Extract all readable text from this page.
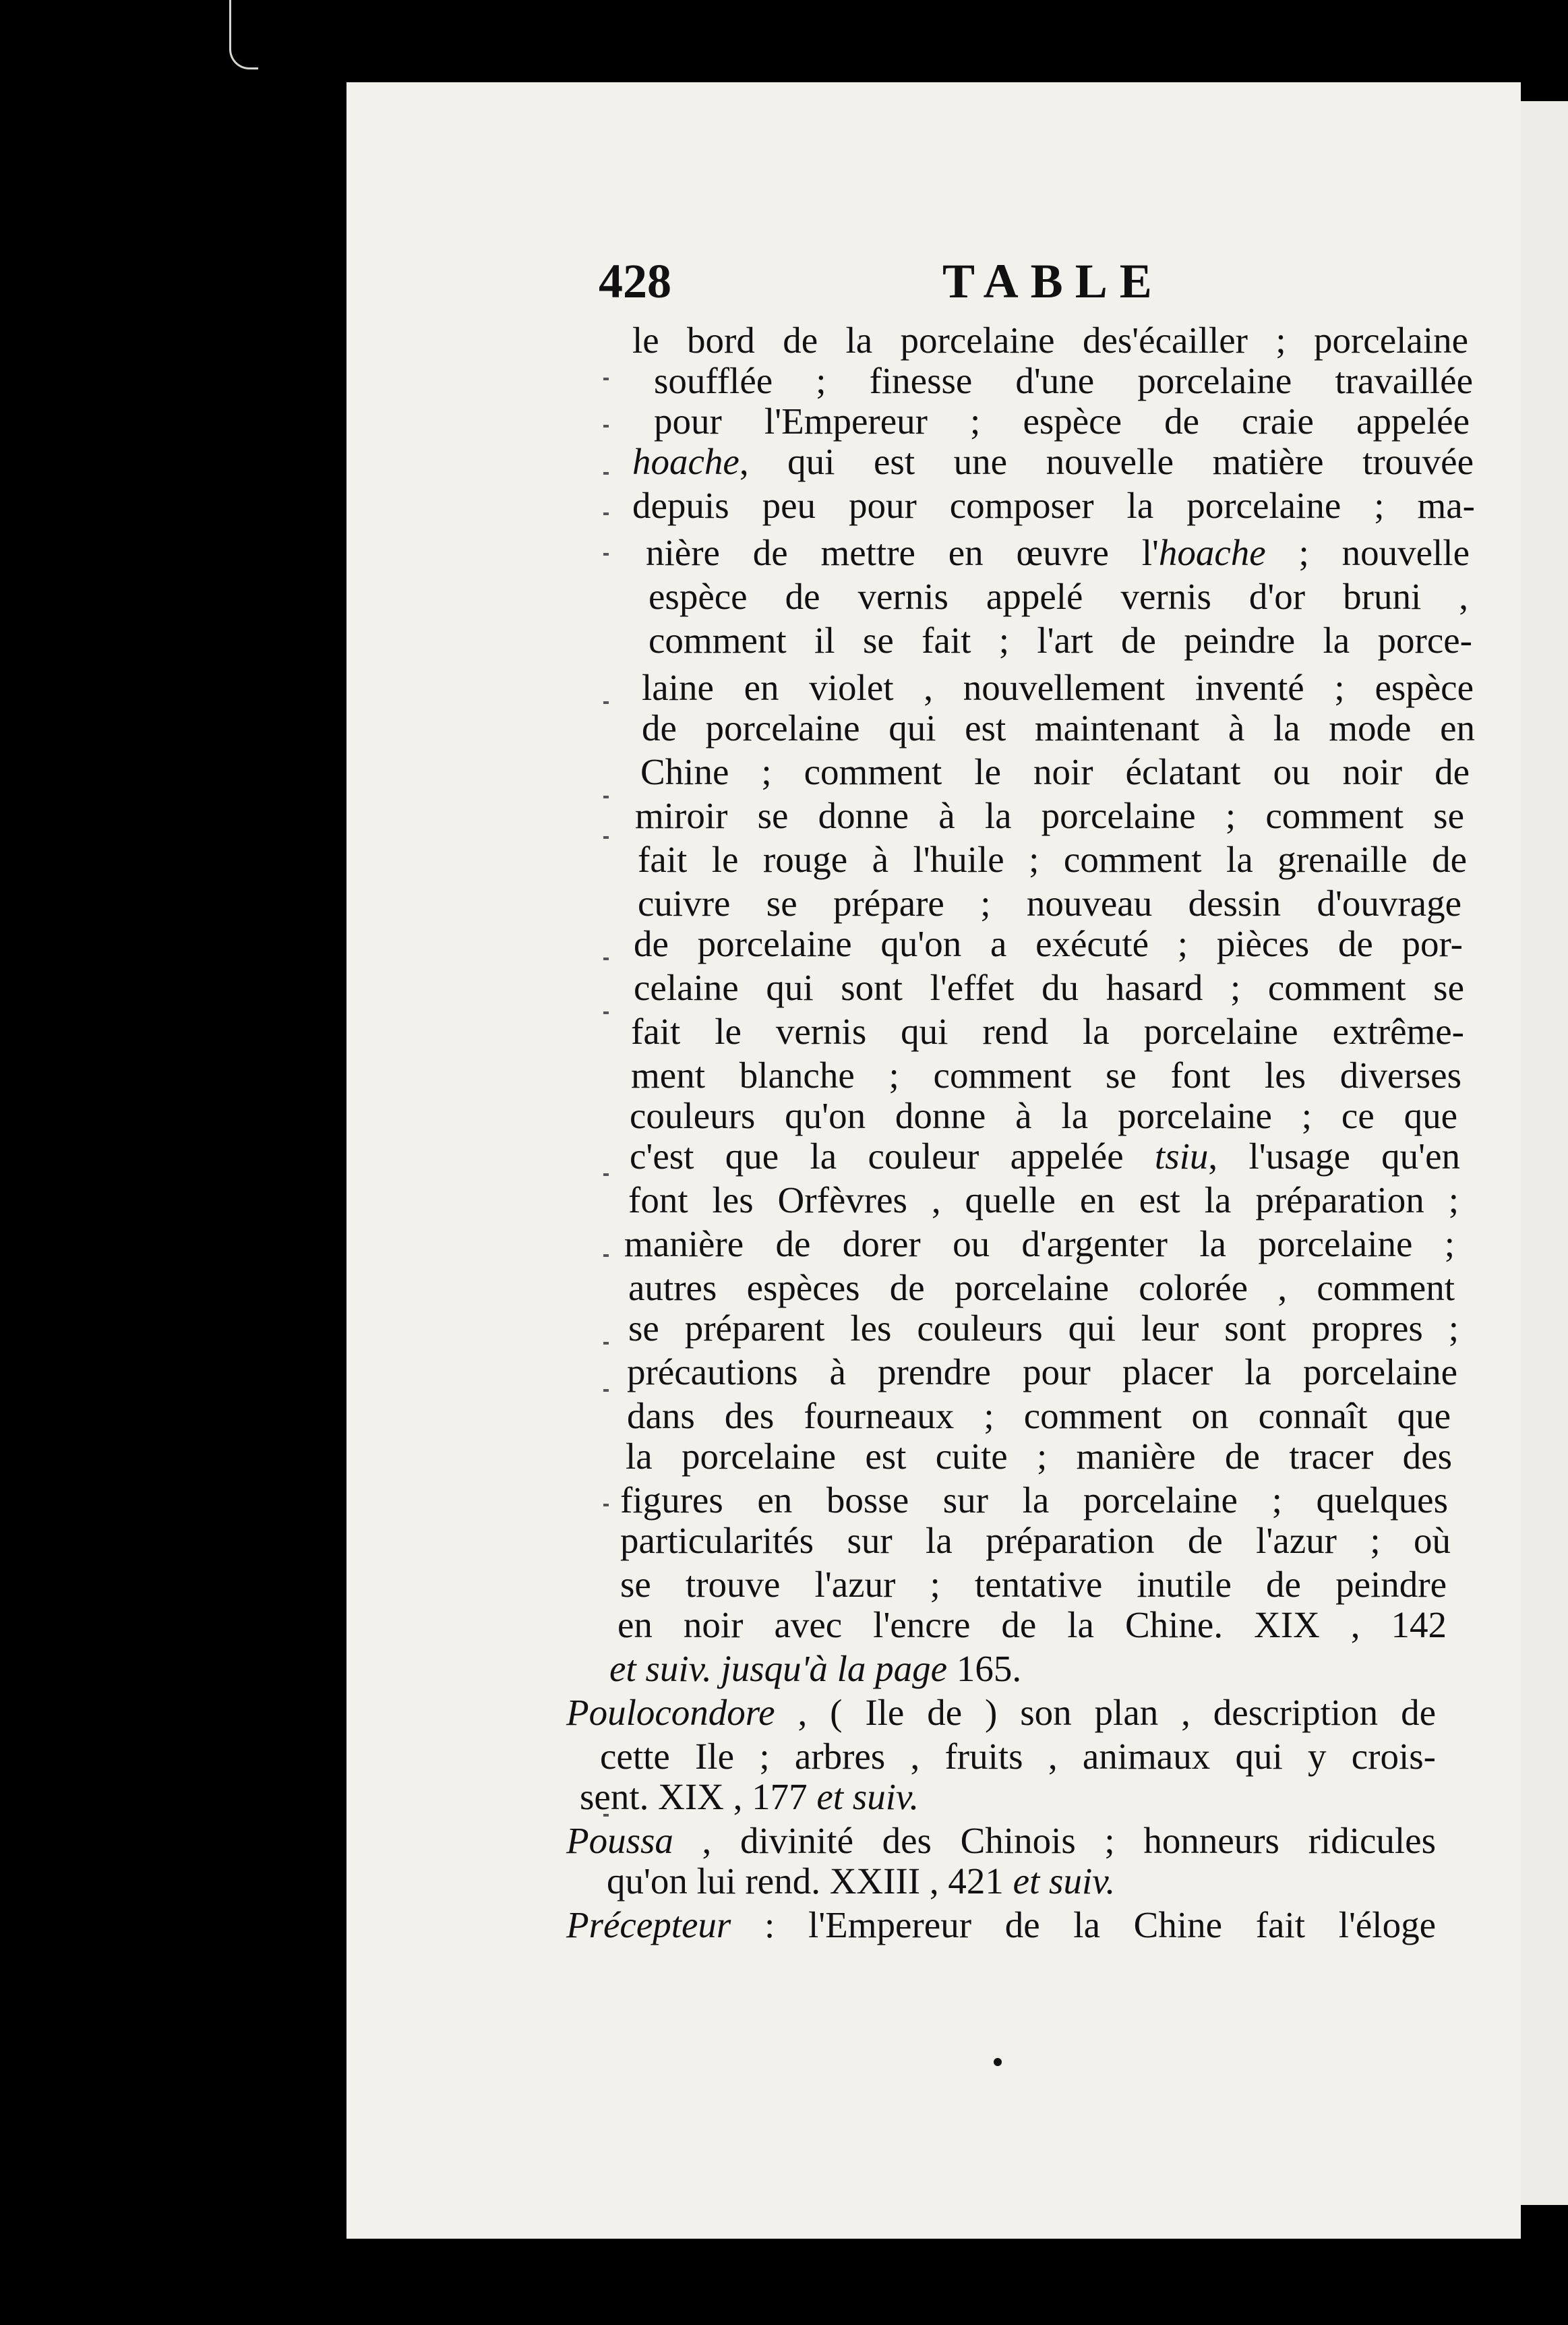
428	TABLE
le bord de la porcelaine des'écailler ; porcelaine
soufflée ; finesse d'une porcelaine travaillée
pour l'Empereur ; espèce de craie appelée
hoache, qui est une nouvelle matière trouvée
depuis peu pour composer la porcelaine ; ma-
nière de mettre en œuvre l'hoache ; nouvelle
espèce de vernis appelé vernis d'or bruni ,
comment il se fait ; l'art de peindre la porce-
laine en violet , nouvellement inventé ; espèce
de porcelaine qui est maintenant à la mode en
Chine ; comment le noir éclatant ou noir de
miroir se donne à la porcelaine ; comment se
fait le rouge à l'huile ; comment la grenaille de
cuivre se prépare ; nouveau dessin d'ouvrage
de porcelaine qu'on a exécuté ; pièces de por-
celaine qui sont l'effet du hasard ; comment se
fait le vernis qui rend la porcelaine extrême-
ment blanche ; comment se font les diverses
couleurs qu'on donne à la porcelaine ; ce que
c'est que la couleur appelée tsiu, l'usage qu'en
font les Orfèvres , quelle en est la préparation ;
manière de dorer ou d'argenter la porcelaine ;
autres espèces de porcelaine colorée , comment
se préparent les couleurs qui leur sont propres ;
précautions à prendre pour placer la porcelaine
dans des fourneaux ; comment on connaît que
la porcelaine est cuite ; manière de tracer des
figures en bosse sur la porcelaine ; quelques
particularités sur la préparation de l'azur ; où
se trouve l'azur ; tentative inutile de peindre
en noir avec l'encre de la Chine. XIX , 142
et suiv. jusqu'à la page 165.
Poulocondore , ( Ile de ) son plan , description de
cette Ile ; arbres , fruits , animaux qui y crois-
sent. XIX , 177 et suiv.
Poussa , divinité des Chinois ; honneurs ridicules
qu'on lui rend. XXIII , 421 et suiv.
Précepteur : l'Empereur de la Chine fait l'éloge
